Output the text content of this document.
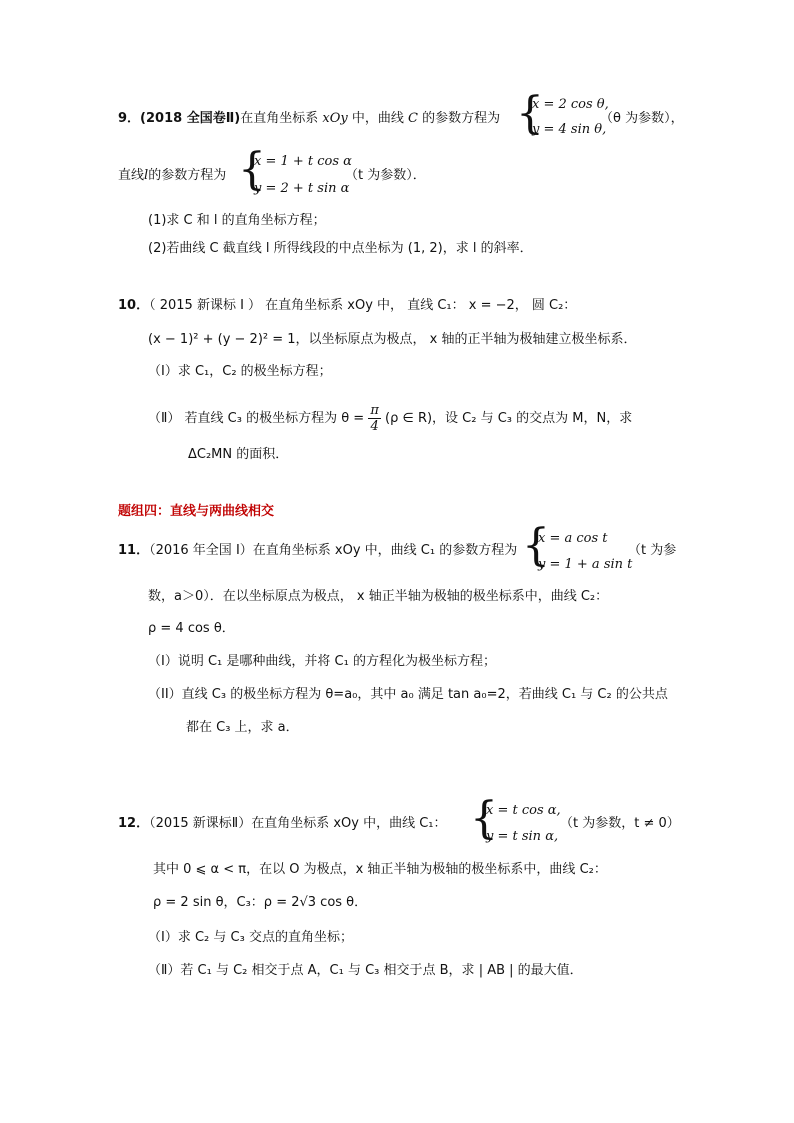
9．(2018 全国卷Ⅱ)在直角坐标系 xOy 中，曲线 C 的参数方程为 {
x = 2 cos θ,
y = 4 sin θ,
（θ 为参数），
直线l的参数方程为 {
x = 1 + t cos α
y = 2 + t sin α
（t 为参数）．
(1)求 C 和 l 的直角坐标方程；
(2)若曲线 C 截直线 l 所得线段的中点坐标为 (1, 2)，求 l 的斜率．
10．（ 2015 新课标 Ⅰ ） 在直角坐标系 xOy 中， 直线 C₁： x = −2， 圆 C₂：
(x − 1)² + (y − 2)² = 1，以坐标原点为极点， x 轴的正半轴为极轴建立极坐标系．
（Ⅰ）求 C₁，C₂ 的极坐标方程；
（Ⅱ） 若直线 C₃ 的极坐标方程为 $\theta = \frac{\pi}{4} (\rho$ ∈ R)，设 C₂ 与 C₃ 的交点为 M，N，求
ΔC₂MN 的面积．
题组四：直线与两曲线相交
11．（2016 年全国 I）在直角坐标系 xOy 中，曲线 C₁ 的参数方程为 {
x = a cos t
y = 1 + a sin t
（t 为参
数，a＞0）．在以坐标原点为极点， x 轴正半轴为极轴的极坐标系中，曲线 C₂：
ρ = 4 cos θ．
（I）说明 C₁ 是哪种曲线，并将 C₁ 的方程化为极坐标方程；
（II）直线 C₃ 的极坐标方程为 θ=a₀，其中 a₀ 满足 tan a₀=2，若曲线 C₁ 与 C₂ 的公共点
都在 C₃ 上，求 a．
12．（2015 新课标Ⅱ）在直角坐标系 xOy 中，曲线 C₁： {
x = t cos α,
y = t sin α,
（t 为参数，t ≠ 0）
其中 0 ⩽ α < π，在以 O 为极点，x 轴正半轴为极轴的极坐标系中，曲线 C₂：
ρ = 2 sin θ，C₃：ρ = 2√3 cos θ．
（Ⅰ）求 C₂ 与 C₃ 交点的直角坐标；
（Ⅱ）若 C₁ 与 C₂ 相交于点 A，C₁ 与 C₃ 相交于点 B，求 | AB | 的最大值．
